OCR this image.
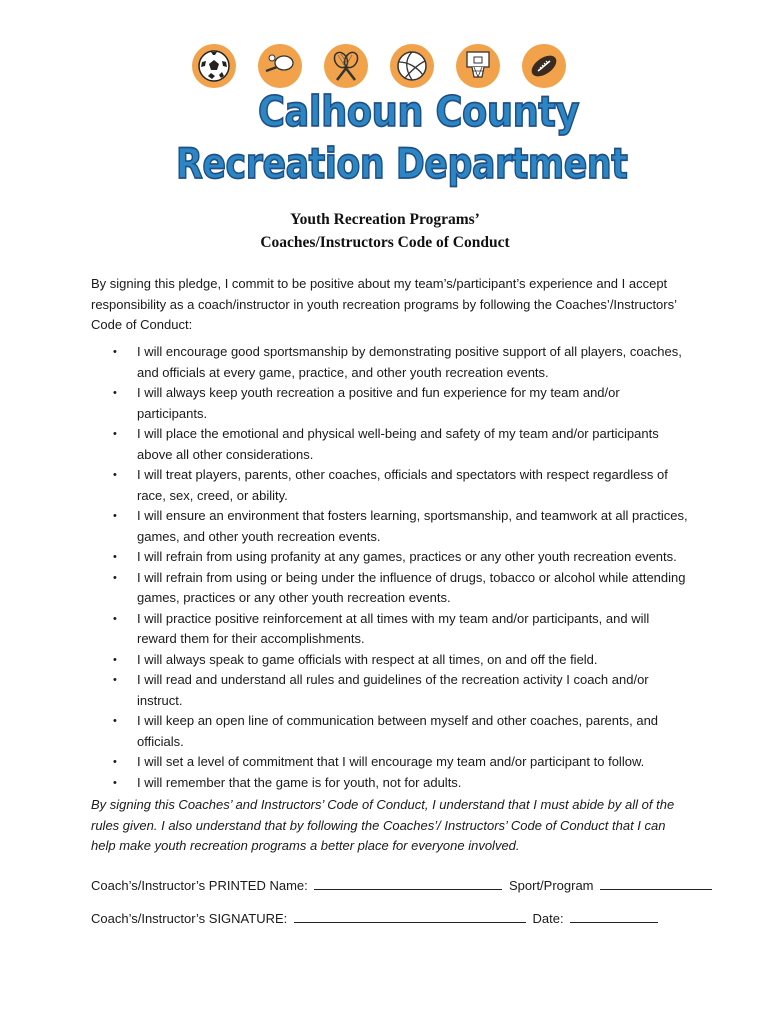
Calhoun County
Recreation Department
Youth Recreation Programs’
Coaches/Instructors Code of Conduct
By signing this pledge, I commit to be positive about my team’s/participant’s experience and I accept responsibility as a coach/instructor in youth recreation programs by following the Coaches’/Instructors’ Code of Conduct:
• I will encourage good sportsmanship by demonstrating positive support of all players, coaches, and officials at every game, practice, and other youth recreation events.
• I will always keep youth recreation a positive and fun experience for my team and/or participants.
• I will place the emotional and physical well-being and safety of my team and/or participants above all other considerations.
• I will treat players, parents, other coaches, officials and spectators with respect regardless of race, sex, creed, or ability.
• I will ensure an environment that fosters learning, sportsmanship, and teamwork at all practices, games, and other youth recreation events.
• I will refrain from using profanity at any games, practices or any other youth recreation events.
• I will refrain from using or being under the influence of drugs, tobacco or alcohol while attending games, practices or any other youth recreation events.
• I will practice positive reinforcement at all times with my team and/or participants, and will reward them for their accomplishments.
• I will always speak to game officials with respect at all times, on and off the field.
• I will read and understand all rules and guidelines of the recreation activity I coach and/or instruct.
• I will keep an open line of communication between myself and other coaches, parents, and officials.
• I will set a level of commitment that I will encourage my team and/or participant to follow.
• I will remember that the game is for youth, not for adults.
By signing this Coaches’ and Instructors’ Code of Conduct, I understand that I must abide by all of the rules given. I also understand that by following the Coaches’/ Instructors’ Code of Conduct that I can help make youth recreation programs a better place for everyone involved.
Coach’s/Instructor’s PRINTED Name:	Sport/Program
Coach’s/Instructor’s SIGNATURE:	Date:
